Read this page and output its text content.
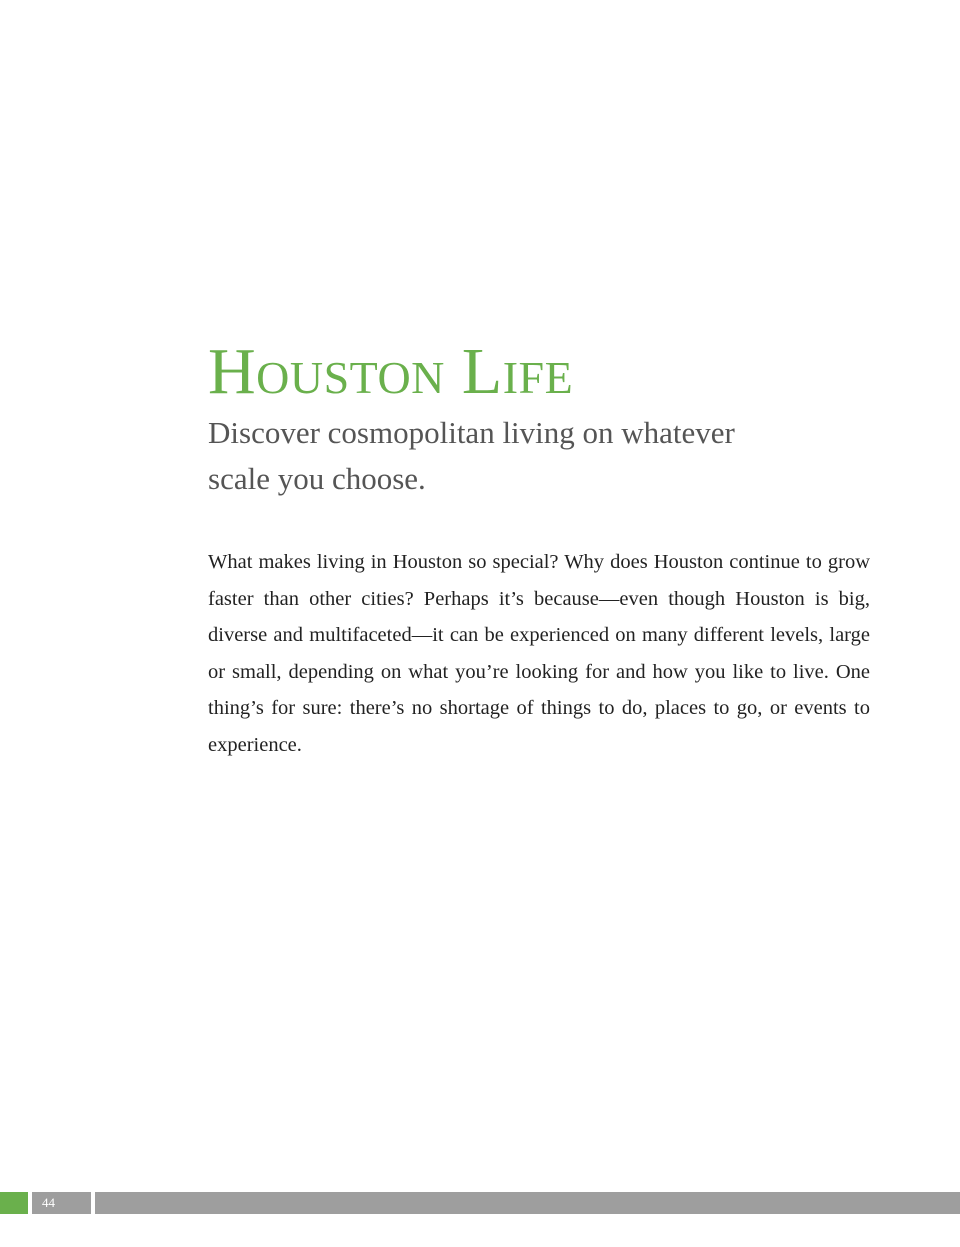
Houston Life

Discover cosmopolitan living on whatever scale you choose.

What makes living in Houston so special? Why does Houston continue to grow faster than other cities? Perhaps it’s because—even though Houston is big, diverse and multifaceted—it can be experienced on many different levels, large or small, depending on what you’re looking for and how you like to live. One thing’s for sure: there’s no shortage of things to do, places to go, or events to experience.

44
